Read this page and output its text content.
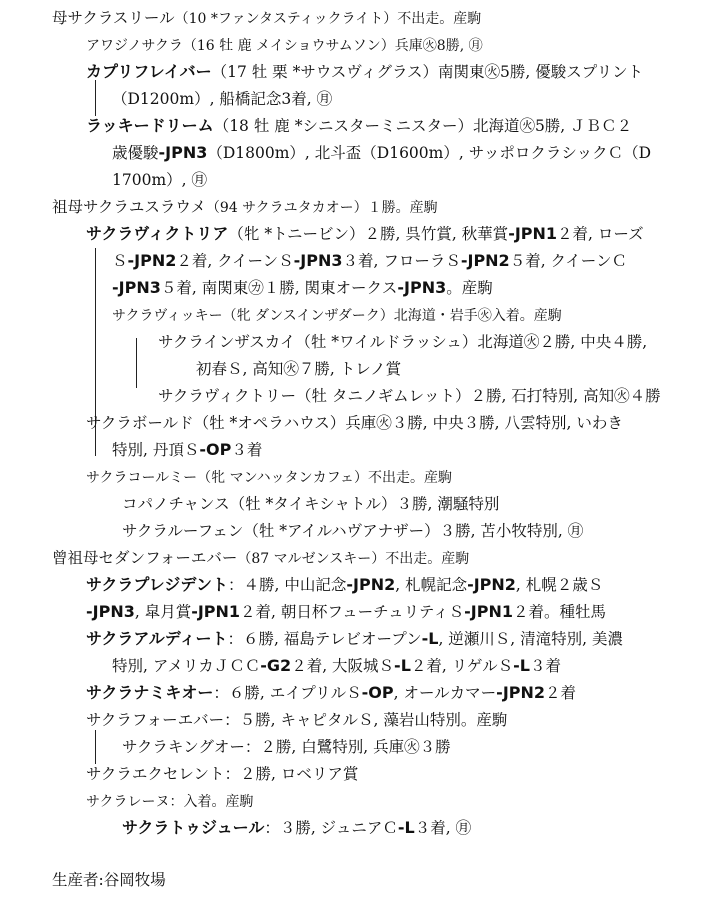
母サクラスリール（10 *ファンタスティックライト）不出走。産駒
アワジノサクラ（16 牡 鹿 メイショウサムソン）兵庫㊋8勝, ㊊
カプリフレイバー（17 牡 栗 *サウスヴィグラス）南関東㊋5勝, 優駿スプリント
（D1200m）, 船橋記念3着, ㊊
ラッキードリーム（18 牡 鹿 *シニスターミニスター）北海道㊋5勝, ＪＢＣ２
歳優駿-JPN3（D1800m）, 北斗盃（D1600m）, サッポロクラシックＣ（D
1700m）, ㊊
祖母サクラユスラウメ（94 サクラユタカオー）１勝。産駒
サクラヴィクトリア（牝 *トニービン）２勝, 呉竹賞, 秋華賞-JPN1２着, ローズ
Ｓ-JPN2２着, クイーンＳ-JPN3３着, フローラＳ-JPN2５着, クイーンＣ
-JPN3５着, 南関東㋕１勝, 関東オークス-JPN3。産駒
サクラヴィッキー（牝 ダンスインザダーク）北海道・岩手㊋入着。産駒
サクラインザスカイ（牡 *ワイルドラッシュ）北海道㊋２勝, 中央４勝,
初春Ｓ, 高知㊋７勝, トレノ賞
サクラヴィクトリー（牡 タニノギムレット）２勝, 石打特別, 高知㊋４勝
サクラボールド（牡 *オペラハウス）兵庫㊋３勝, 中央３勝, 八雲特別, いわき
特別, 丹頂Ｓ-OP３着
サクラコールミー（牝 マンハッタンカフェ）不出走。産駒
コパノチャンス（牡 *タイキシャトル）３勝, 潮騒特別
サクラルーフェン（牡 *アイルハヴアナザー）３勝, 苫小牧特別, ㊊
曾祖母セダンフォーエバー（87 マルゼンスキー）不出走。産駒
サクラプレジデント：４勝, 中山記念-JPN2, 札幌記念-JPN2, 札幌２歳Ｓ
-JPN3, 皐月賞-JPN1２着, 朝日杯フューチュリティＳ-JPN1２着。種牡馬
サクラアルディート：６勝, 福島テレビオープン-L, 逆瀬川Ｓ, 清滝特別, 美濃
特別, アメリカＪＣＣ-G2２着, 大阪城Ｓ-L２着, リゲルＳ-L３着
サクラナミキオー：６勝, エイプリルＳ-OP, オールカマー-JPN2２着
サクラフォーエバー：５勝, キャピタルＳ, 藻岩山特別。産駒
サクラキングオー：２勝, 白鷺特別, 兵庫㊋３勝
サクラエクセレント：２勝, ロベリア賞
サクラレーヌ：入着。産駒
サクラトゥジュール：３勝, ジュニアＣ-L３着, ㊊
生産者:谷岡牧場
